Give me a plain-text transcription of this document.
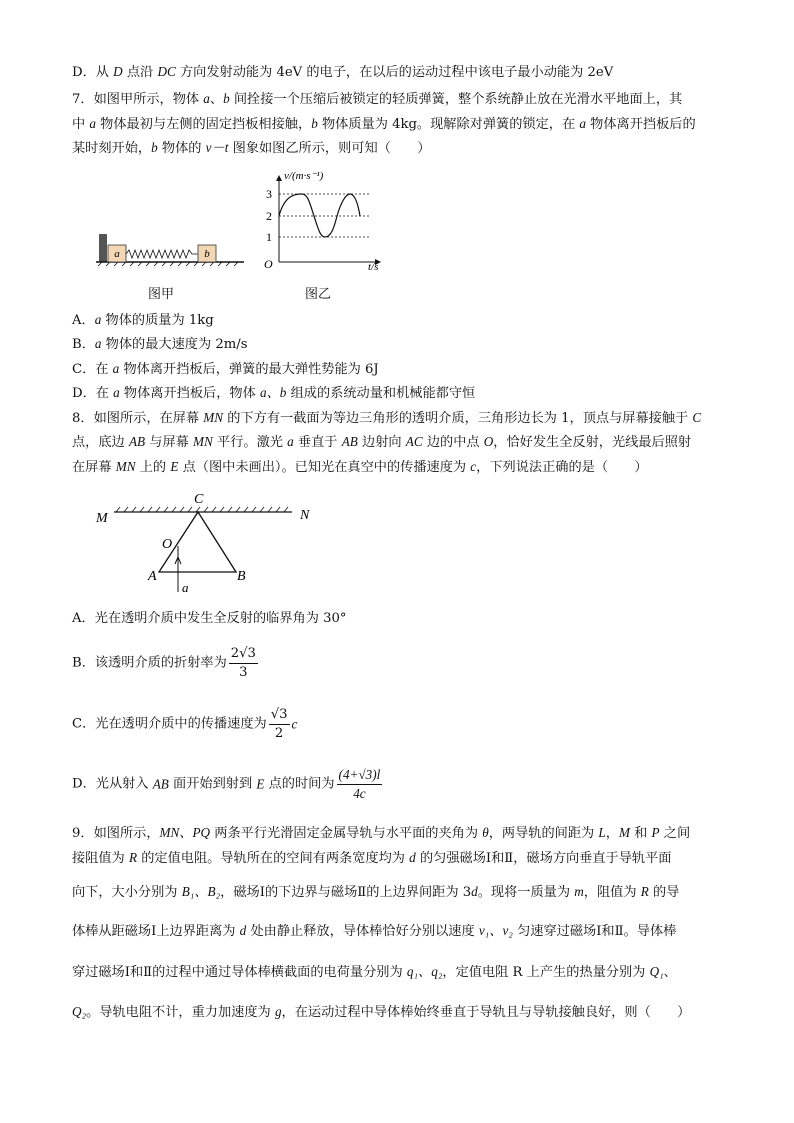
D．从 D 点沿 DC 方向发射动能为 4eV 的电子，在以后的运动过程中该电子最小动能为 2eV
7．如图甲所示，物体 a、b 间拴接一个压缩后被锁定的轻质弹簧，整个系统静止放在光滑水平地面上，其
中 a 物体最初与左侧的固定挡板相接触，b 物体质量为 4kg。现解除对弹簧的锁定，在 a 物体离开挡板后的
某时刻开始，b 物体的 v－t 图象如图乙所示，则可知（　　）
a	b
图甲
v/(m·s⁻¹)
t/s
O
3
2
1
图乙
A．a 物体的质量为 1kg
B．a 物体的最大速度为 2m/s
C．在 a 物体离开挡板后，弹簧的最大弹性势能为 6J
D．在 a 物体离开挡板后，物体 a、b 组成的系统动量和机械能都守恒
8．如图所示，在屏幕 MN 的下方有一截面为等边三角形的透明介质，三角形边长为 1，顶点与屏幕接触于 C
点，底边 AB 与屏幕 MN 平行。激光 a 垂直于 AB 边射向 AC 边的中点 O，恰好发生全反射，光线最后照射
在屏幕 MN 上的 E 点（图中未画出）。已知光在真空中的传播速度为 c，下列说法正确的是（　　）
M	N
C
O
A	B
a
A．光在透明介质中发生全反射的临界角为 30°
B．该透明介质的折射率为 $\frac{2√3}{3}$
C．光在透明介质中的传播速度为 $\frac{√3}{2}$ c
D．光从射入 AB 面开始到射到 E 点的时间为 $\frac{(4+√3)l}{4c}$
9．如图所示，MN、PQ 两条平行光滑固定金属导轨与水平面的夹角为 θ，两导轨的间距为 L，M 和 P 之间
接阻值为 R 的定值电阻。导轨所在的空间有两条宽度均为 d 的匀强磁场Ⅰ和Ⅱ，磁场方向垂直于导轨平面
向下，大小分别为 B₁、B₂，磁场Ⅰ的下边界与磁场Ⅱ的上边界间距为 3d。现将一质量为 m，阻值为 R 的导
体棒从距磁场Ⅰ上边界距离为 d 处由静止释放，导体棒恰好分别以速度 v₁、v₂ 匀速穿过磁场Ⅰ和Ⅱ。导体棒
穿过磁场Ⅰ和Ⅱ的过程中通过导体棒横截面的电荷量分别为 q₁、q₂，定值电阻 R 上产生的热量分别为 Q₁、
Q₂。导轨电阻不计，重力加速度为 g，在运动过程中导体棒始终垂直于导轨且与导轨接触良好，则（　　）
